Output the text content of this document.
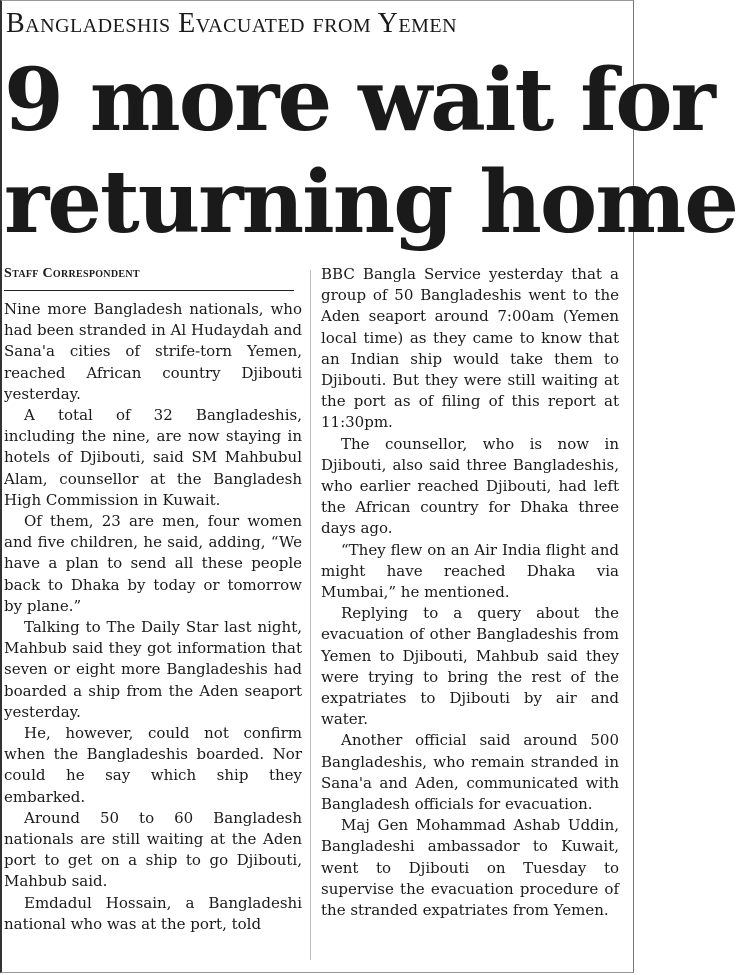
Bangladeshis Evacuated from Yemen
9 more wait for
returning home
Staff Correspondent

Nine more Bangladesh nationals, who had been stranded in Al Hudaydah and Sana'a cities of strife-torn Yemen, reached African country Djibouti yesterday.

A total of 32 Bangladeshis, including the nine, are now staying in hotels of Djibouti, said SM Mahbubul Alam, counsellor at the Bangladesh High Commission in Kuwait.

Of them, 23 are men, four women and five children, he said, adding, “We have a plan to send all these people back to Dhaka by today or tomorrow by plane.”

Talking to The Daily Star last night, Mahbub said they got information that seven or eight more Bangladeshis had boarded a ship from the Aden seaport yesterday.

He, however, could not confirm when the Bangladeshis boarded. Nor could he say which ship they embarked.

Around 50 to 60 Bangladesh nationals are still waiting at the Aden port to get on a ship to go Djibouti, Mahbub said.

Emdadul Hossain, a Bangladeshi national who was at the port, told

BBC Bangla Service yesterday that a group of 50 Bangladeshis went to the Aden seaport around 7:00am (Yemen local time) as they came to know that an Indian ship would take them to Djibouti. But they were still waiting at the port as of filing of this report at 11:30pm.

The counsellor, who is now in Djibouti, also said three Bangladeshis, who earlier reached Djibouti, had left the African country for Dhaka three days ago.

“They flew on an Air India flight and might have reached Dhaka via Mumbai,” he mentioned.

Replying to a query about the evacuation of other Bangladeshis from Yemen to Djibouti, Mahbub said they were trying to bring the rest of the expatriates to Djibouti by air and water.

Another official said around 500 Bangladeshis, who remain stranded in Sana'a and Aden, communicated with Bangladesh officials for evacuation.

Maj Gen Mohammad Ashab Uddin, Bangladeshi ambassador to Kuwait, went to Djibouti on Tuesday to supervise the evacuation procedure of the stranded expatriates from Yemen.
